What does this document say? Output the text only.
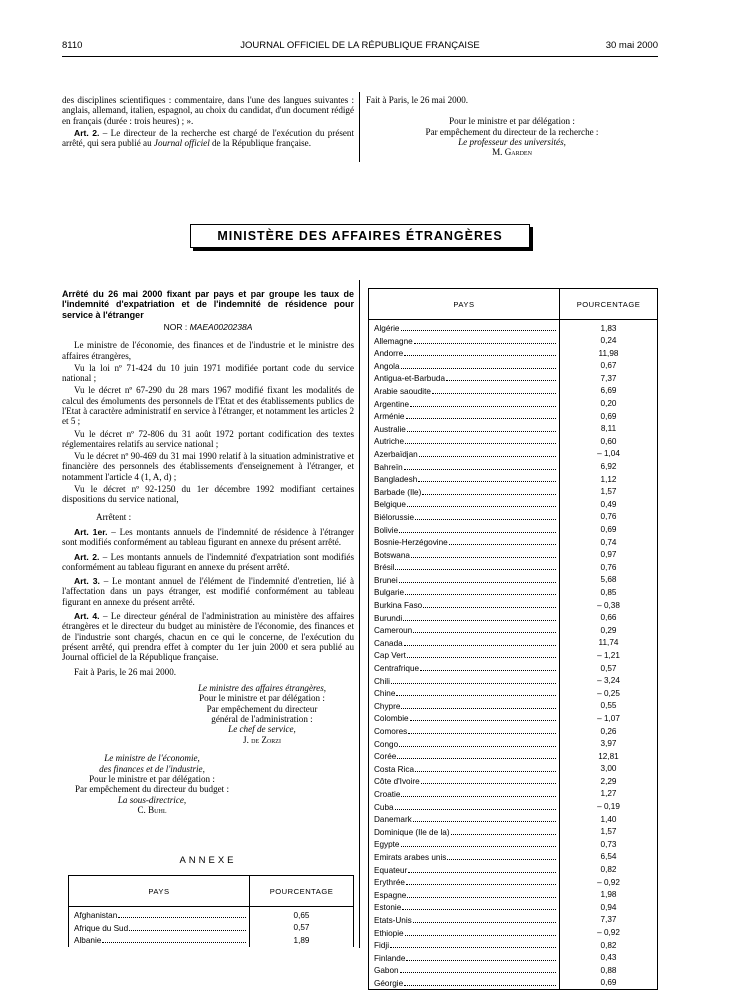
8110	JOURNAL OFFICIEL DE LA RÉPUBLIQUE FRANÇAISE	30 mai 2000

des disciplines scientifiques : commentaire, dans l'une des langues suivantes : anglais, allemand, italien, espagnol, au choix du candidat, d'un document rédigé en français (durée : trois heures) ; ».

Art. 2. – Le directeur de la recherche est chargé de l'exécution du présent arrêté, qui sera publié au Journal officiel de la République française.

Fait à Paris, le 26 mai 2000.
Pour le ministre et par délégation :
Par empêchement du directeur de la recherche :
Le professeur des universités,
M. Garden
MINISTÈRE DES AFFAIRES ÉTRANGÈRES

Arrêté du 26 mai 2000 fixant par pays et par groupe les taux de l'indemnité d'expatriation et de l'indemnité de résidence pour service à l'étranger

NOR : MAEA0020238A

Le ministre de l'économie, des finances et de l'industrie et le ministre des affaires étrangères,

Vu la loi nº 71-424 du 10 juin 1971 modifiée portant code du service national ;

Vu le décret nº 67-290 du 28 mars 1967 modifié fixant les modalités de calcul des émoluments des personnels de l'Etat et des établissements publics de l'Etat à caractère administratif en service à l'étranger, et notamment les articles 2 et 5 ;

Vu le décret nº 72-806 du 31 août 1972 portant codification des textes réglementaires relatifs au service national ;

Vu le décret nº 90-469 du 31 mai 1990 relatif à la situation administrative et financière des personnels des établissements d'enseignement à l'étranger, et notamment l'article 4 (1, A, d) ;

Vu le décret nº 92-1250 du 1er décembre 1992 modifiant certaines dispositions du service national,

Arrêtent :

Art. 1er. – Les montants annuels de l'indemnité de résidence à l'étranger sont modifiés conformément au tableau figurant en annexe du présent arrêté.

Art. 2. – Les montants annuels de l'indemnité d'expatriation sont modifiés conformément au tableau figurant en annexe du présent arrêté.

Art. 3. – Le montant annuel de l'élément de l'indemnité d'entretien, lié à l'affectation dans un pays étranger, est modifié conformément au tableau figurant en annexe du présent arrêté.

Art. 4. – Le directeur général de l'administration au ministère des affaires étrangères et le directeur du budget au ministère de l'économie, des finances et de l'industrie sont chargés, chacun en ce qui le concerne, de l'exécution du présent arrêté, qui prendra effet à compter du 1er juin 2000 et sera publié au Journal officiel de la République française.

Fait à Paris, le 26 mai 2000.

Le ministre des affaires étrangères,
Pour le ministre et par délégation :
Par empêchement du directeur
général de l'administration :
Le chef de service,
J. de Zorzi
Le ministre de l'économie,
des finances et de l'industrie,
Pour le ministre et par délégation :
Par empêchement du directeur du budget :
La sous-directrice,
C. Buhl
ANNEXE
PAYS	POURCENTAGE

Afghanistan	0,65

Afrique du Sud	0,57

Albanie	1,89
PAYS	POURCENTAGE

Algérie	1,83

Allemagne	0,24

Andorre	11,98

Angola	0,67

Antigua-et-Barbuda	7,37

Arabie saoudite	6,69

Argentine	0,20

Arménie	0,69

Australie	8,11

Autriche	0,60

Azerbaïdjan	– 1,04

Bahreïn	6,92

Bangladesh	1,12

Barbade (Ile)	1,57

Belgique	0,49

Biélorussie	0,76

Bolivie	0,69

Bosnie-Herzégovine	0,74

Botswana	0,97

Brésil	0,76

Brunei	5,68

Bulgarie	0,85

Burkina Faso	– 0,38

Burundi	0,66

Cameroun	0,29

Canada	11,74

Cap Vert	– 1,21

Centrafrique	0,57

Chili	– 3,24

Chine	– 0,25

Chypre	0,55

Colombie	– 1,07

Comores	0,26

Congo	3,97

Corée	12,81

Costa Rica	3,00

Côte d'Ivoire	2,29

Croatie	1,27

Cuba	– 0,19

Danemark	1,40

Dominique (Ile de la)	1,57

Egypte	0,73

Emirats arabes unis	6,54

Equateur	0,82

Erythrée	– 0,92

Espagne	1,98

Estonie	0,94

Etats-Unis	7,37

Ethiopie	– 0,92

Fidji	0,82

Finlande	0,43

Gabon	0,88

Géorgie	0,69
